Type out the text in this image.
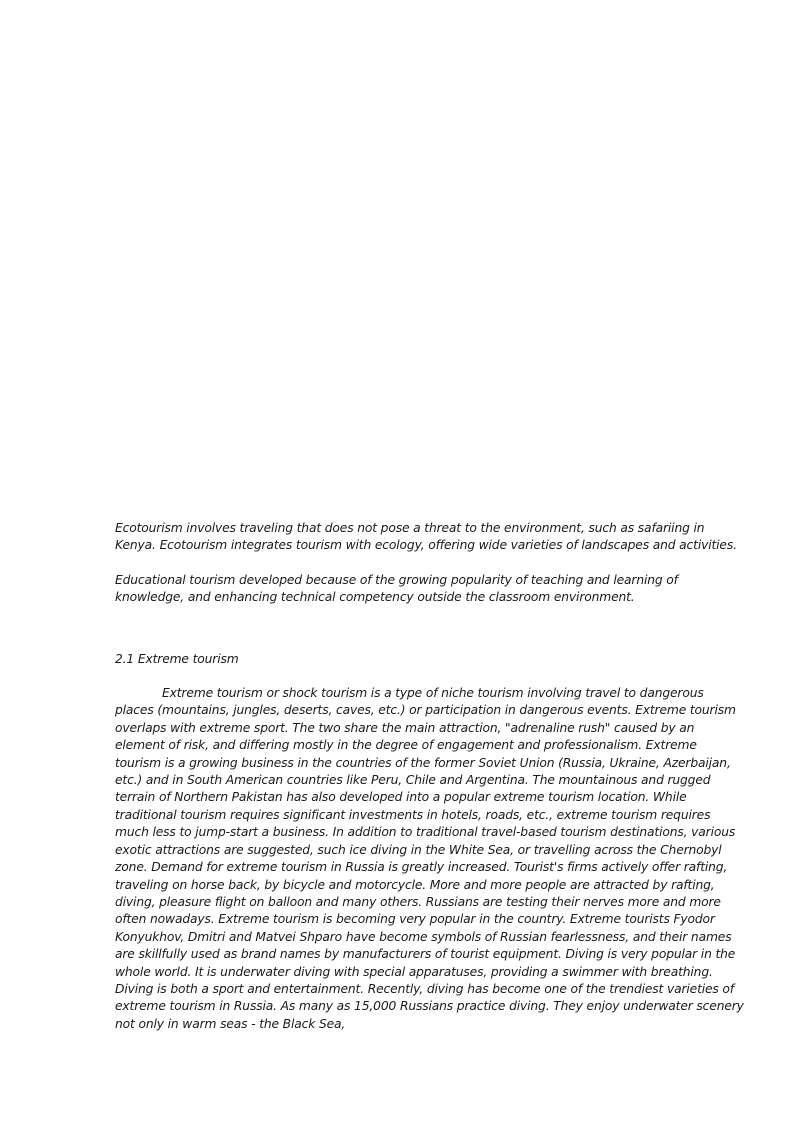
Ecotourism involves traveling that does not pose a threat to the environment, such as safariing in Kenya. Ecotourism integrates tourism with ecology, offering wide varieties of landscapes and activities.

Educational tourism developed because of the growing popularity of teaching and learning of knowledge, and enhancing technical competency outside the classroom environment.

2.1 Extreme tourism

Extreme tourism or shock tourism is a type of niche tourism involving travel to dangerous places (mountains, jungles, deserts, caves, etc.) or participation in dangerous events. Extreme tourism overlaps with extreme sport. The two share the main attraction, "adrenaline rush" caused by an element of risk, and differing mostly in the degree of engagement and professionalism. Extreme tourism is a growing business in the countries of the former Soviet Union (Russia, Ukraine, Azerbaijan, etc.) and in South American countries like Peru, Chile and Argentina. The mountainous and rugged terrain of Northern Pakistan has also developed into a popular extreme tourism location. While traditional tourism requires significant investments in hotels, roads, etc., extreme tourism requires much less to jump-start a business. In addition to traditional travel-based tourism destinations, various exotic attractions are suggested, such ice diving in the White Sea, or travelling across the Chernobyl zone. Demand for extreme tourism in Russia is greatly increased. Tourist's firms actively offer rafting, traveling on horse back, by bicycle and motorcycle. More and more people are attracted by rafting, diving, pleasure flight on balloon and many others. Russians are testing their nerves more and more often nowadays. Extreme tourism is becoming very popular in the country. Extreme tourists Fyodor Konyukhov, Dmitri and Matvei Shparo have become symbols of Russian fearlessness, and their names are skillfully used as brand names by manufacturers of tourist equipment. Diving is very popular in the whole world. It is underwater diving with special apparatuses, providing a swimmer with breathing. Diving is both a sport and entertainment. Recently, diving has become one of the trendiest varieties of extreme tourism in Russia. As many as 15,000 Russians practice diving. They enjoy underwater scenery not only in warm seas - the Black Sea,
